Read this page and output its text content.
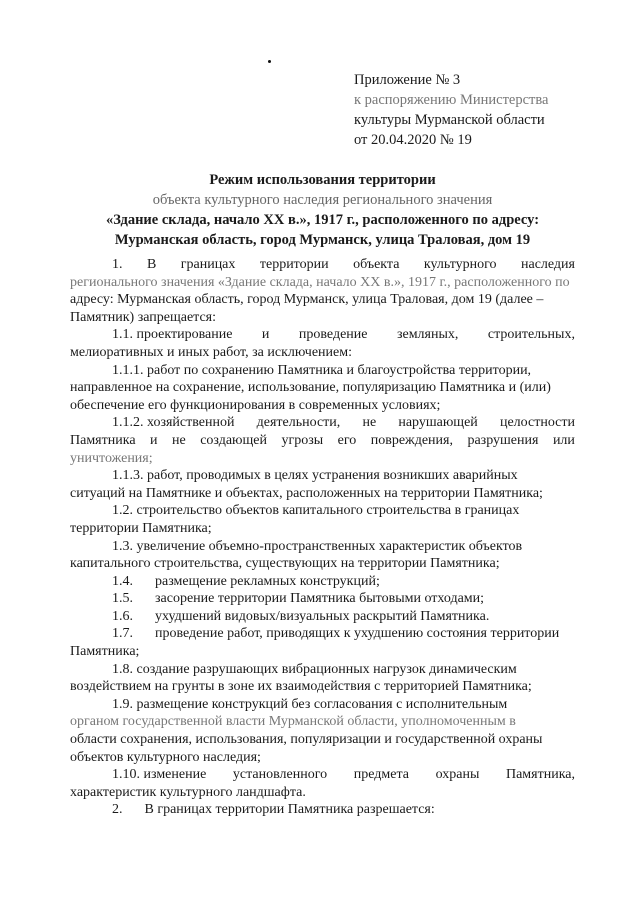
Приложение № 3
к распоряжению Министерства
культуры Мурманской области
от 20.04.2020 № 19
Режим использования территории
объекта культурного наследия регионального значения
«Здание склада, начало XX в.», 1917 г., расположенного по адресу:
Мурманская область, город Мурманск, улица Траловая, дом 19
1. В границах территории объекта культурного наследия
регионального значения «Здание склада, начало XX в.», 1917 г., расположенного по
адресу: Мурманская область, город Мурманск, улица Траловая, дом 19 (далее –
Памятник) запрещается:
1.1. проектирование и проведение земляных, строительных,
мелиоративных и иных работ, за исключением:
1.1.1. работ по сохранению Памятника и благоустройства территории,
направленное на сохранение, использование, популяризацию Памятника и (или)
обеспечение его функционирования в современных условиях;
1.1.2. хозяйственной деятельности, не нарушающей целостности
Памятника и не создающей угрозы его повреждения, разрушения или
уничтожения;
1.1.3. работ, проводимых в целях устранения возникших аварийных
ситуаций на Памятнике и объектах, расположенных на территории Памятника;
1.2. строительство объектов капитального строительства в границах
территории Памятника;
1.3. увеличение объемно-пространственных характеристик объектов
капитального строительства, существующих на территории Памятника;
1.4. размещение рекламных конструкций;
1.5. засорение территории Памятника бытовыми отходами;
1.6. ухудшений видовых/визуальных раскрытий Памятника.
1.7. проведение работ, приводящих к ухудшению состояния территории
Памятника;
1.8. создание разрушающих вибрационных нагрузок динамическим
воздействием на грунты в зоне их взаимодействия с территорией Памятника;
1.9. размещение конструкций без согласования с исполнительным
органом государственной власти Мурманской области, уполномоченным в
области сохранения, использования, популяризации и государственной охраны
объектов культурного наследия;
1.10. изменение установленного предмета охраны Памятника,
характеристик культурного ландшафта.
2. В границах территории Памятника разрешается:
